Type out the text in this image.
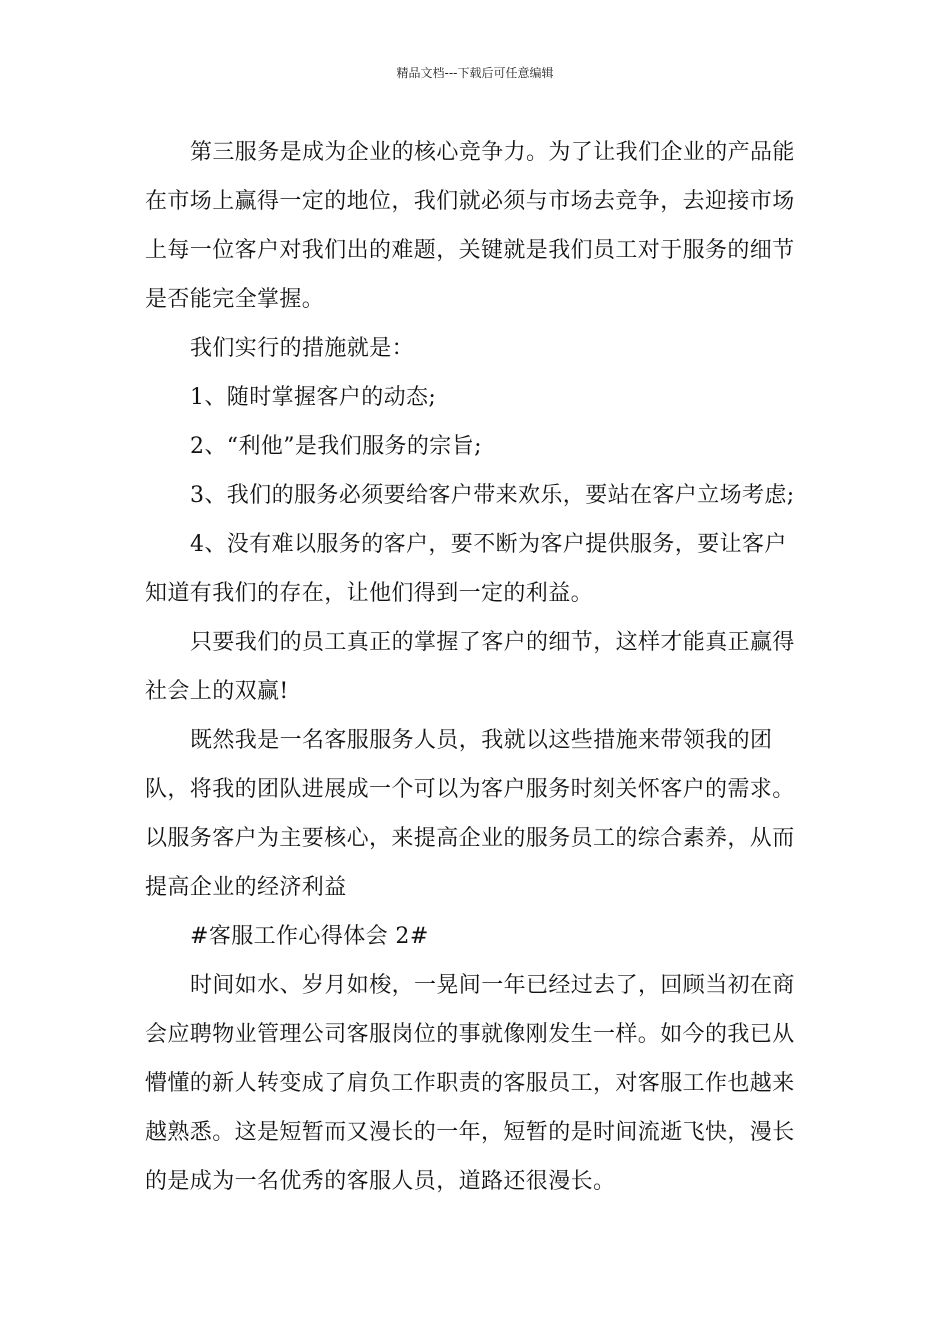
精品文档---下载后可任意编辑

第三服务是成为企业的核心竞争力。为了让我们企业的产品能在市场上赢得一定的地位，我们就必须与市场去竞争，去迎接市场上每一位客户对我们出的难题，关键就是我们员工对于服务的细节是否能完全掌握。

我们实行的措施就是：

1、随时掌握客户的动态;

2、“利他”是我们服务的宗旨;

3、我们的服务必须要给客户带来欢乐，要站在客户立场考虑;

4、没有难以服务的客户，要不断为客户提供服务，要让客户知道有我们的存在，让他们得到一定的利益。

只要我们的员工真正的掌握了客户的细节，这样才能真正赢得社会上的双赢!

既然我是一名客服服务人员，我就以这些措施来带领我的团队，将我的团队进展成一个可以为客户服务时刻关怀客户的需求。以服务客户为主要核心，来提高企业的服务员工的综合素养，从而提高企业的经济利益

#客服工作心得体会 2#

时间如水、岁月如梭，一晃间一年已经过去了，回顾当初在商会应聘物业管理公司客服岗位的事就像刚发生一样。如今的我已从懵懂的新人转变成了肩负工作职责的客服员工，对客服工作也越来越熟悉。这是短暂而又漫长的一年，短暂的是时间流逝飞快，漫长的是成为一名优秀的客服人员，道路还很漫长。
